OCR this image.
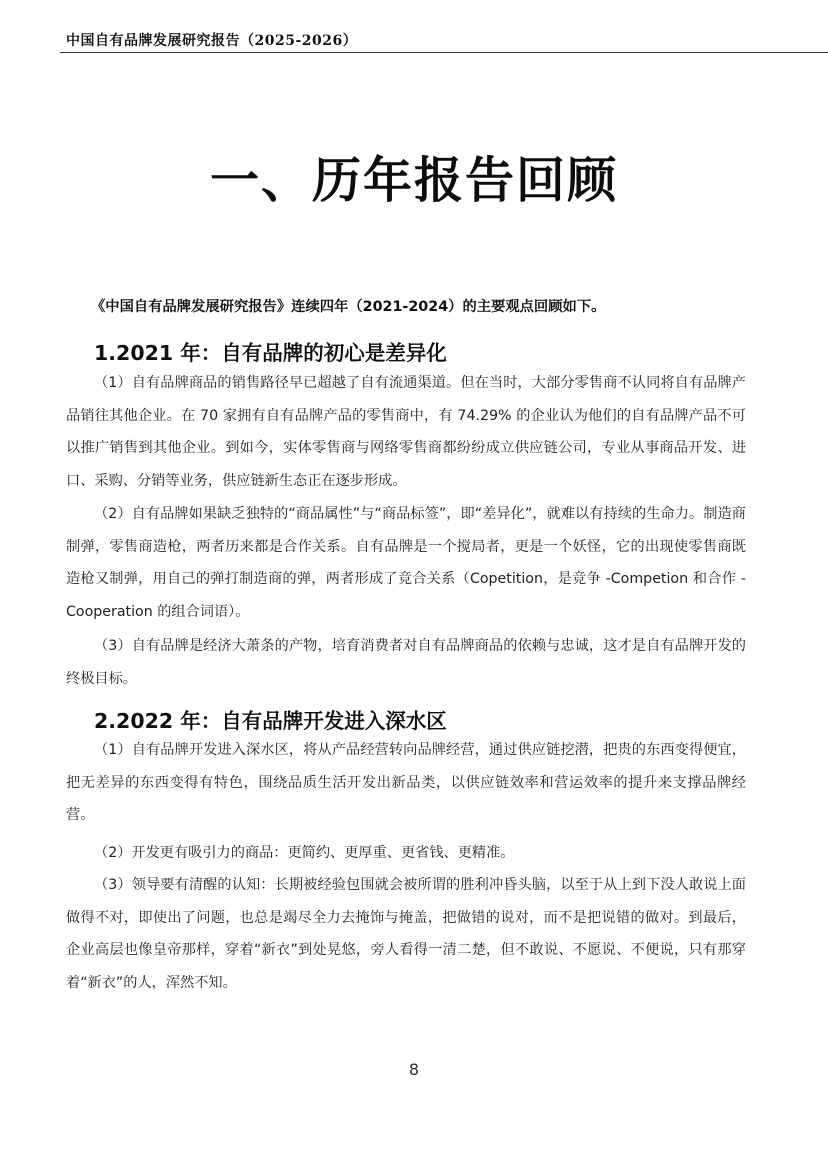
中国自有品牌发展研究报告（2025-2026）
一、历年报告回顾

《中国自有品牌发展研究报告》连续四年（2021-2024）的主要观点回顾如下。

1.2021 年：自有品牌的初心是差异化

（1）自有品牌商品的销售路径早已超越了自有流通渠道。但在当时，大部分零售商不认同将自有品牌产品销往其他企业。在 70 家拥有自有品牌产品的零售商中，有 74.29% 的企业认为他们的自有品牌产品不可以推广销售到其他企业。到如今，实体零售商与网络零售商都纷纷成立供应链公司，专业从事商品开发、进口、采购、分销等业务，供应链新生态正在逐步形成。

（2）自有品牌如果缺乏独特的“商品属性”与“商品标签”，即“差异化”，就难以有持续的生命力。制造商制弹，零售商造枪，两者历来都是合作关系。自有品牌是一个搅局者，更是一个妖怪，它的出现使零售商既造枪又制弹，用自己的弹打制造商的弹，两者形成了竞合关系（Copetition，是竞争 -Competion 和合作 -Cooperation 的组合词语）。

（3）自有品牌是经济大萧条的产物，培育消费者对自有品牌商品的依赖与忠诚，这才是自有品牌开发的终极目标。

2.2022 年：自有品牌开发进入深水区

（1）自有品牌开发进入深水区，将从产品经营转向品牌经营，通过供应链挖潜，把贵的东西变得便宜，把无差异的东西变得有特色，围绕品质生活开发出新品类，以供应链效率和营运效率的提升来支撑品牌经营。

（2）开发更有吸引力的商品：更简约、更厚重、更省钱、更精准。

（3）领导要有清醒的认知：长期被经验包围就会被所谓的胜利冲昏头脑，以至于从上到下没人敢说上面做得不对，即使出了问题，也总是竭尽全力去掩饰与掩盖，把做错的说对，而不是把说错的做对。到最后，企业高层也像皇帝那样，穿着“新衣”到处晃悠，旁人看得一清二楚，但不敢说、不愿说、不便说，只有那穿着“新衣”的人，浑然不知。

8
